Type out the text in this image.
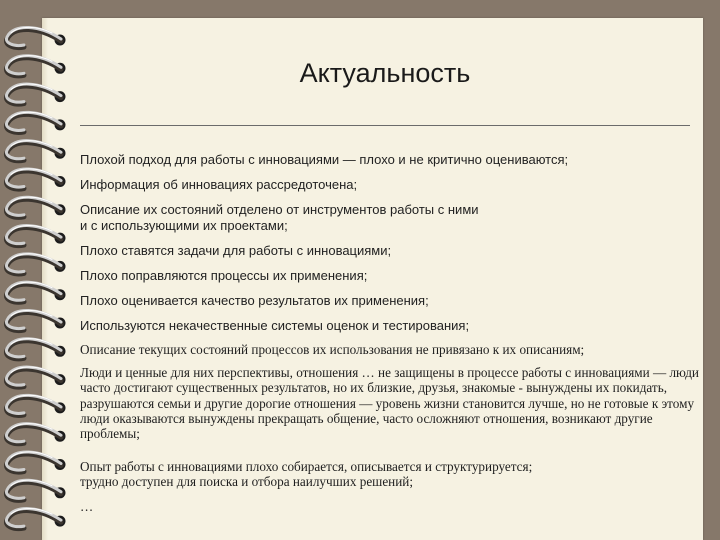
Актуальность
Плохой подход для работы с инновациями — плохо и не критично оцениваются;
Информация об инновациях рассредоточена;
Описание их состояний отделено от инструментов работы с ними
и с использующими их проектами;
Плохо ставятся задачи для работы с инновациями;
Плохо поправляются процессы их применения;
Плохо оценивается качество результатов их применения;
Используются некачественные системы оценок и тестирования;
Описание текущих состояний процессов их использования не привязано к их описаниям;
Люди и ценные для них перспективы, отношения … не защищены в процессе работы с инновациями — люди часто достигают существенных результатов, но их близкие, друзья, знакомые - вынуждены их покидать, разрушаются семьи и другие дорогие отношения — уровень жизни становится лучше, но не готовые к этому люди оказываются вынуждены прекращать общение, часто осложняют отношения, возникают другие проблемы;
Опыт работы с инновациями плохо собирается, описывается и структурируется;
трудно доступен для поиска и отбора наилучших решений;
…
